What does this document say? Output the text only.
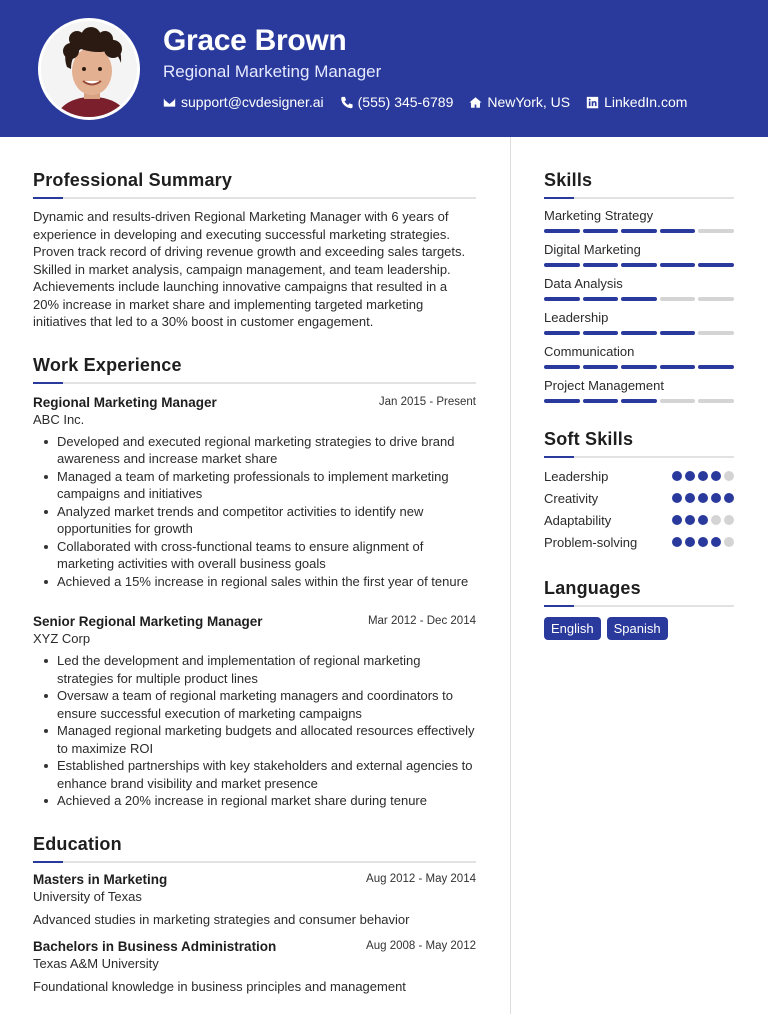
Grace Brown
Regional Marketing Manager
support@cvdesigner.ai (555) 345-6789 NewYork, US LinkedIn.com
Professional Summary

Dynamic and results-driven Regional Marketing Manager with 6 years of experience in developing and executing successful marketing strategies. Proven track record of driving revenue growth and exceeding sales targets. Skilled in market analysis, campaign management, and team leadership. Achievements include launching innovative campaigns that resulted in a 20% increase in market share and implementing targeted marketing initiatives that led to a 30% boost in customer engagement.

Work Experience
Regional Marketing Manager	Jan 2015 - Present
ABC Inc.
Developed and executed regional marketing strategies to drive brand awareness and increase market share
Managed a team of marketing professionals to implement marketing campaigns and initiatives
Analyzed market trends and competitor activities to identify new opportunities for growth
Collaborated with cross-functional teams to ensure alignment of marketing activities with overall business goals
Achieved a 15% increase in regional sales within the first year of tenure
Senior Regional Marketing Manager	Mar 2012 - Dec 2014
XYZ Corp
Led the development and implementation of regional marketing strategies for multiple product lines
Oversaw a team of regional marketing managers and coordinators to ensure successful execution of marketing campaigns
Managed regional marketing budgets and allocated resources effectively to maximize ROI
Established partnerships with key stakeholders and external agencies to enhance brand visibility and market presence
Achieved a 20% increase in regional market share during tenure
Education
Masters in Marketing	Aug 2012 - May 2014
University of Texas
Advanced studies in marketing strategies and consumer behavior
Bachelors in Business Administration	Aug 2008 - May 2012
Texas A&M University
Foundational knowledge in business principles and management
Skills
Marketing Strategy
Digital Marketing
Data Analysis
Leadership
Communication
Project Management
Soft Skills
Leadership
Creativity
Adaptability
Problem-solving
Languages
English	Spanish
